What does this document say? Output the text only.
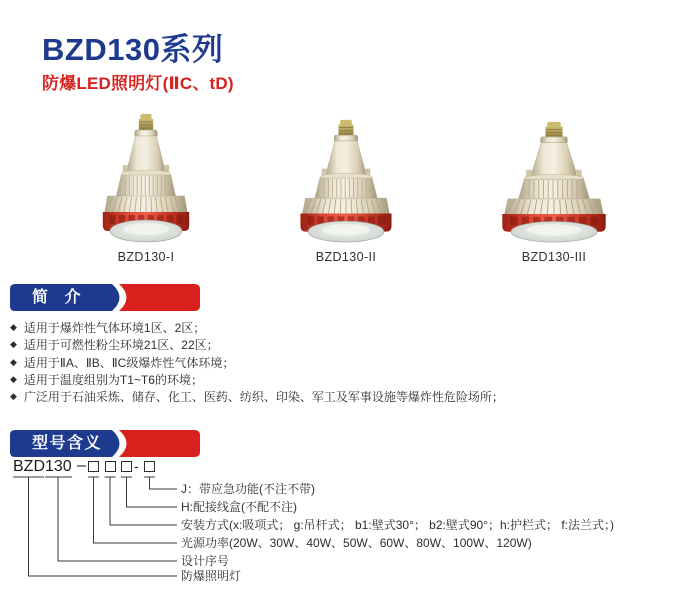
BZD130系列
防爆LED照明灯(ⅡC、tD)
BZD130-I	BZD130-II	BZD130-III
简 介
◆ 适用于爆炸性气体环境1区、2区；
◆ 适用于可燃性粉尘环境21区、22区；
◆ 适用于ⅡA、ⅡB、ⅡC级爆炸性气体环境；
◆ 适用于温度组别为T1~T6的环境；
◆ 广泛用于石油采炼、储存、化工、医药、纺织、印染、军工及军事设施等爆炸性危险场所；
型号含义
BZD 130 –	-
J：带应急功能(不注不带)
H:配接线盒(不配不注)
安装方式(x:吸项式； g:吊杆式； b1:壁式30°； b2:壁式90°；h:护栏式； f:法兰式；)
光源功率(20W、30W、40W、50W、60W、80W、100W、120W)
设计序号
防爆照明灯
